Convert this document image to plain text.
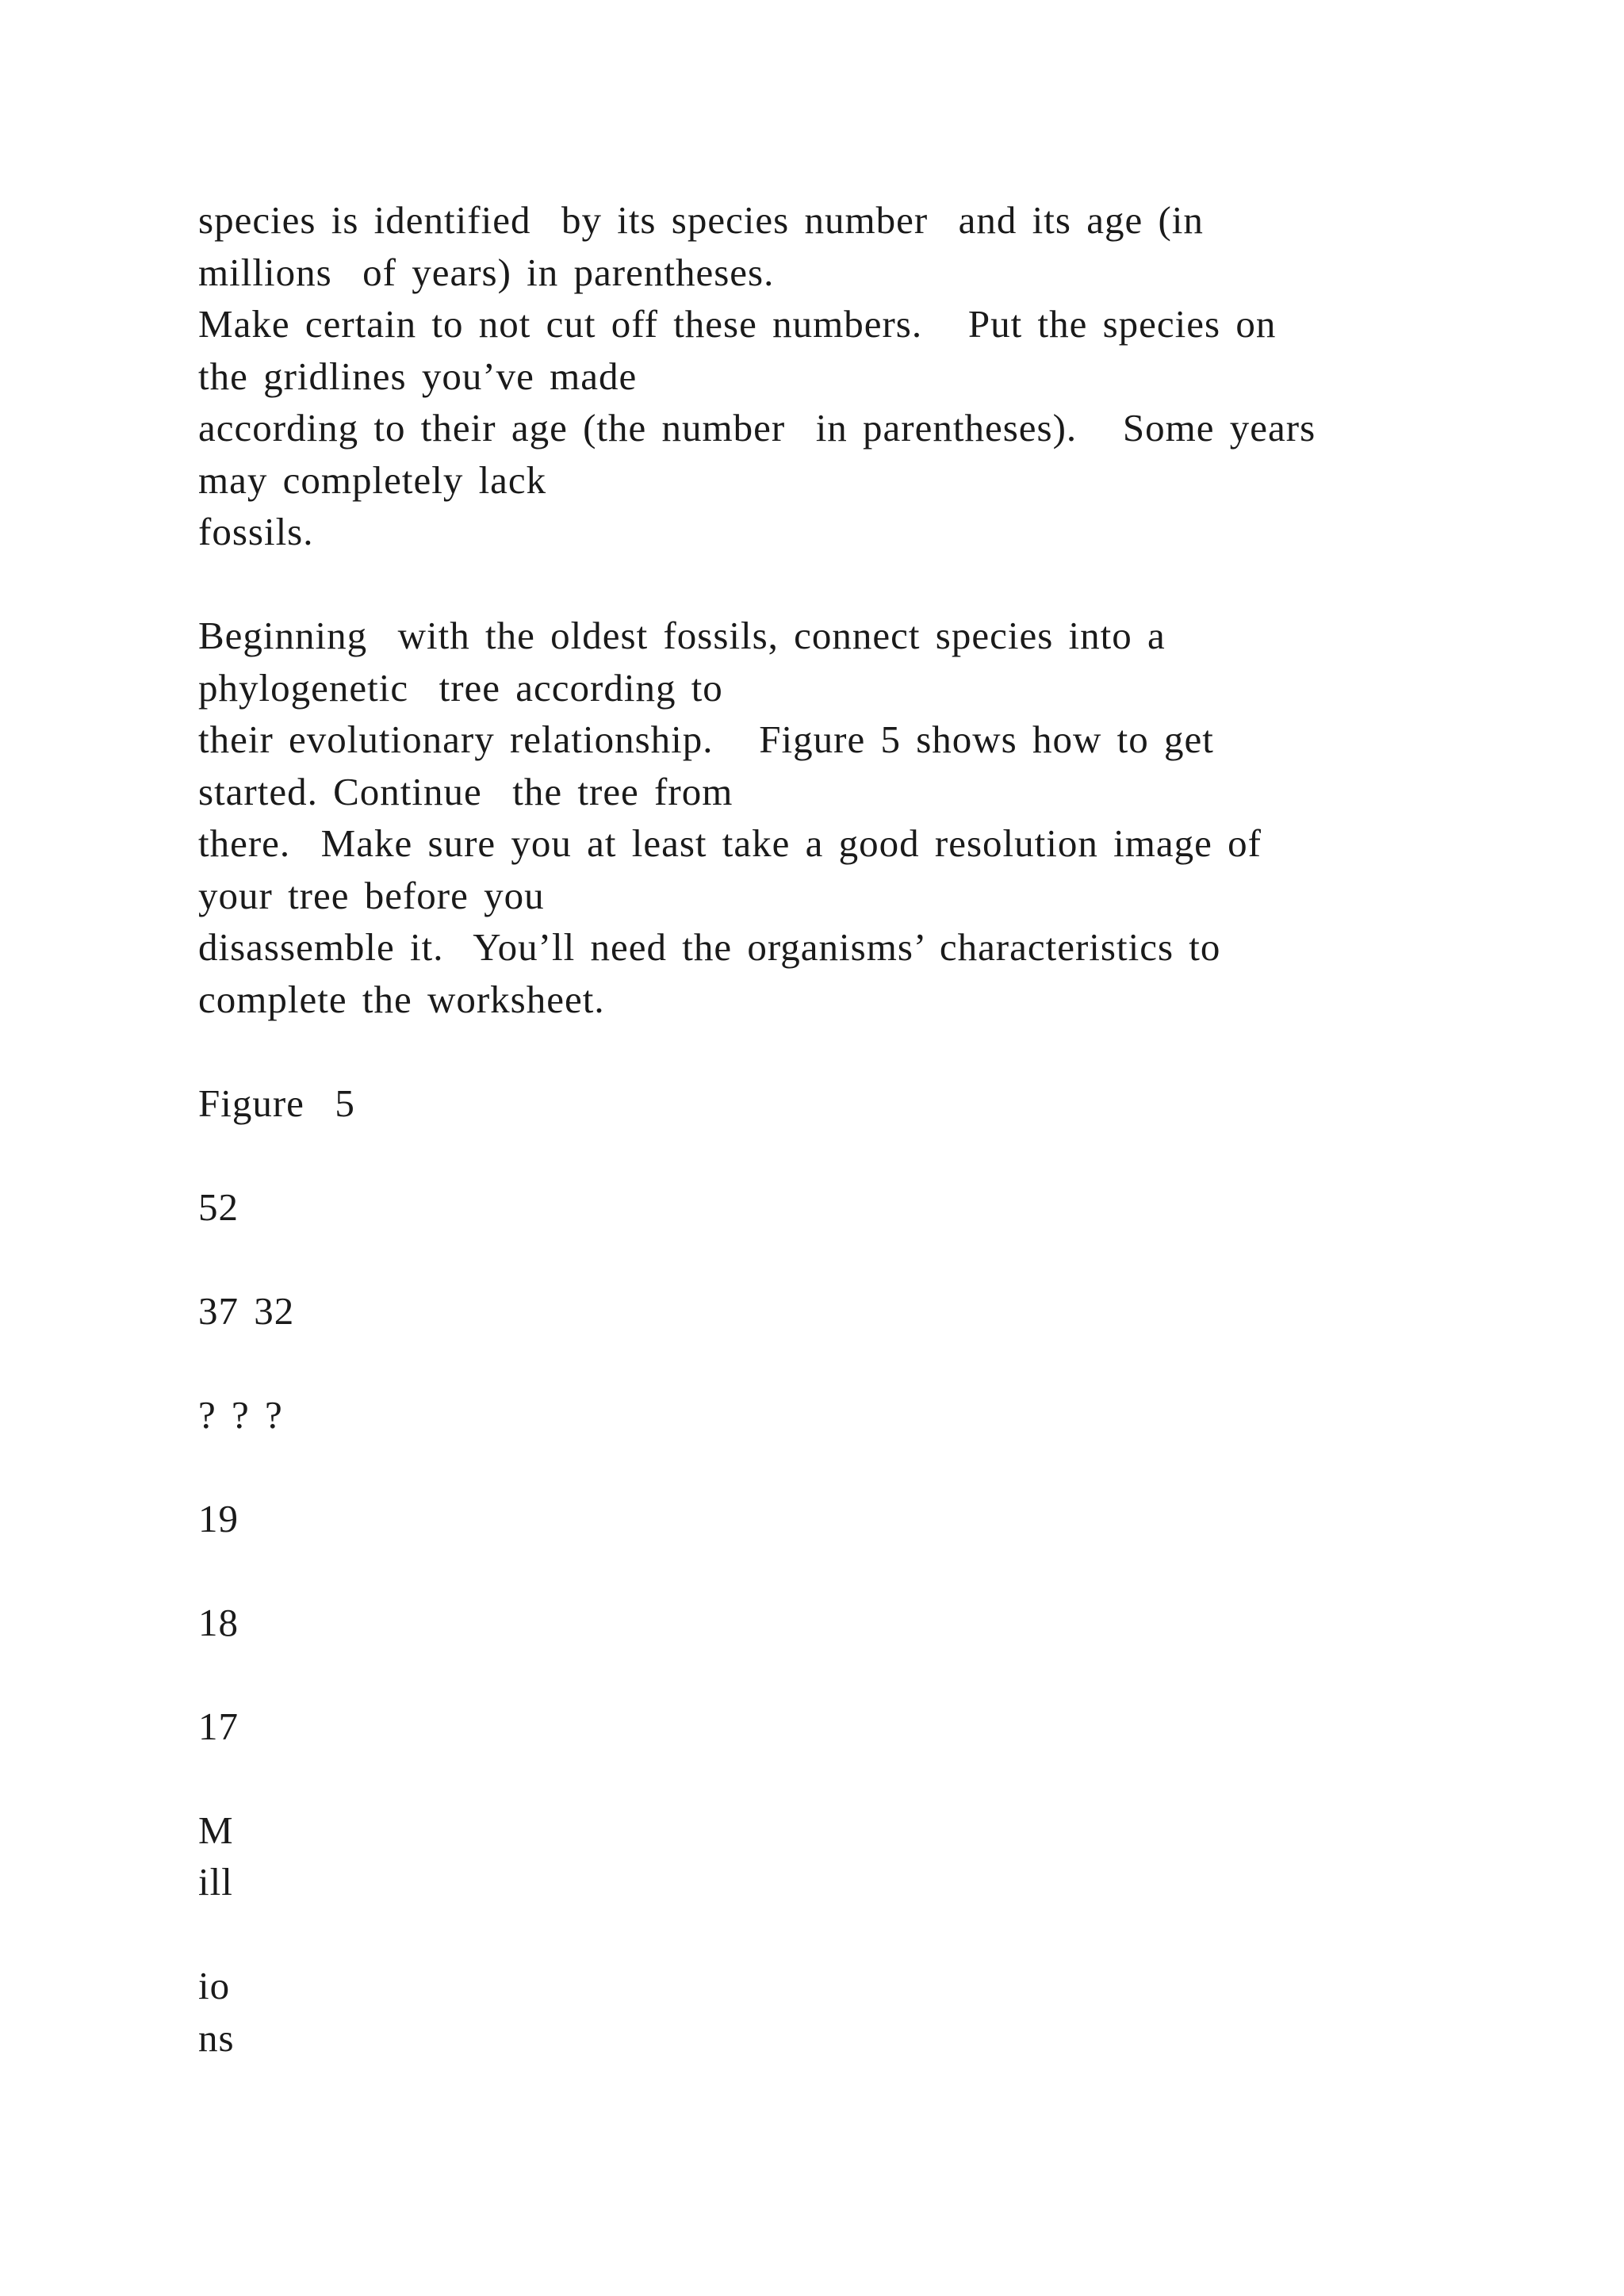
species is identified  by its species number  and its age (in
millions  of years) in parentheses.
Make certain to not cut off these numbers.   Put the species on
the gridlines you’ve made
according to their age (the number  in parentheses).   Some years
may completely lack
fossils.
Beginning  with the oldest fossils, connect species into a
phylogenetic  tree according to
their evolutionary relationship.   Figure 5 shows how to get
started. Continue  the tree from
there.  Make sure you at least take a good resolution image of
your tree before you
disassemble it.  You’ll need the organisms’ characteristics to
complete the worksheet.
Figure  5
52
37 32
? ? ?
19
18
17
M
ill
io
ns
